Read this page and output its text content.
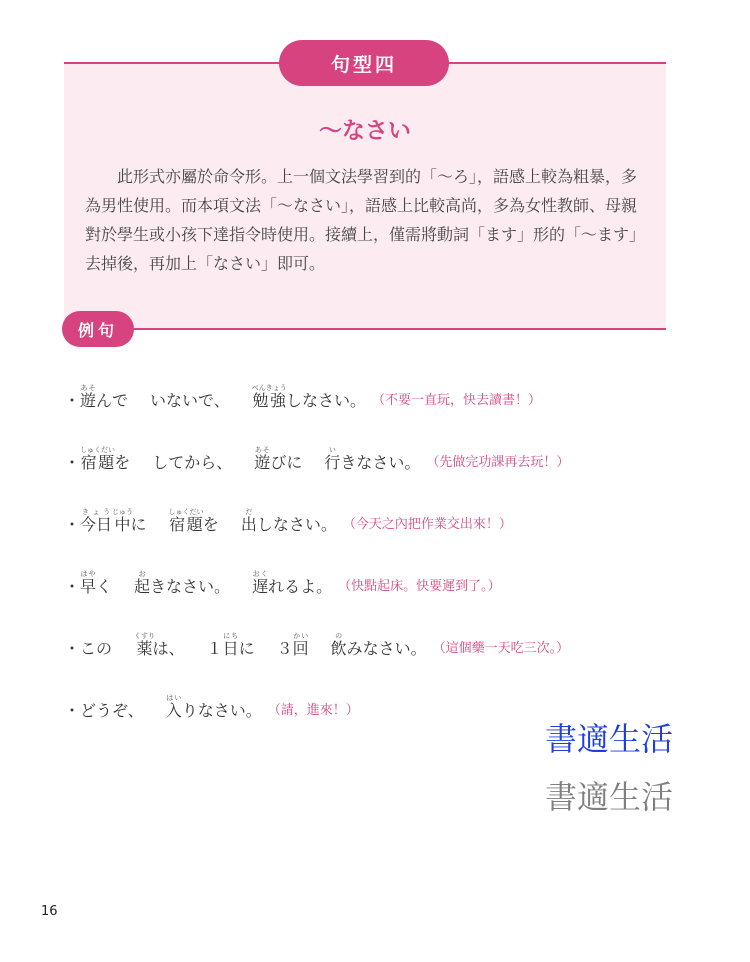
句型四
～なさい

此形式亦屬於命令形。上一個文法學習到的「～ろ」，語感上較為粗暴，多為男性使用。而本項文法「～なさい」，語感上比較高尚，多為女性教師、母親對於學生或小孩下達指令時使用。接續上，僅需將動詞「ます」形的「～ます」去掉後，再加上「なさい」即可。

例句
・ 遊あそんで いないで、 勉強べんきょうしなさい。 （不要一直玩，快去讀書！）
・ 宿題しゅくだいを してから、 遊あそびに 行いきなさい。 （先做完功課再去玩！）
・ 今日きょう中じゅうに 宿題しゅくだいを 出だしなさい。 （今天之內把作業交出來！）
・ 早はやく 起おきなさい。 遅おくれるよ。 （快點起床。快要遲到了。）
・ この 薬くすりは、 １日にちに ３回かい
飲のみなさい。 （這個藥一天吃三次。）
・ どうぞ、 入はいりなさい。 （請，進來！）
書適生活
書適生活
16
